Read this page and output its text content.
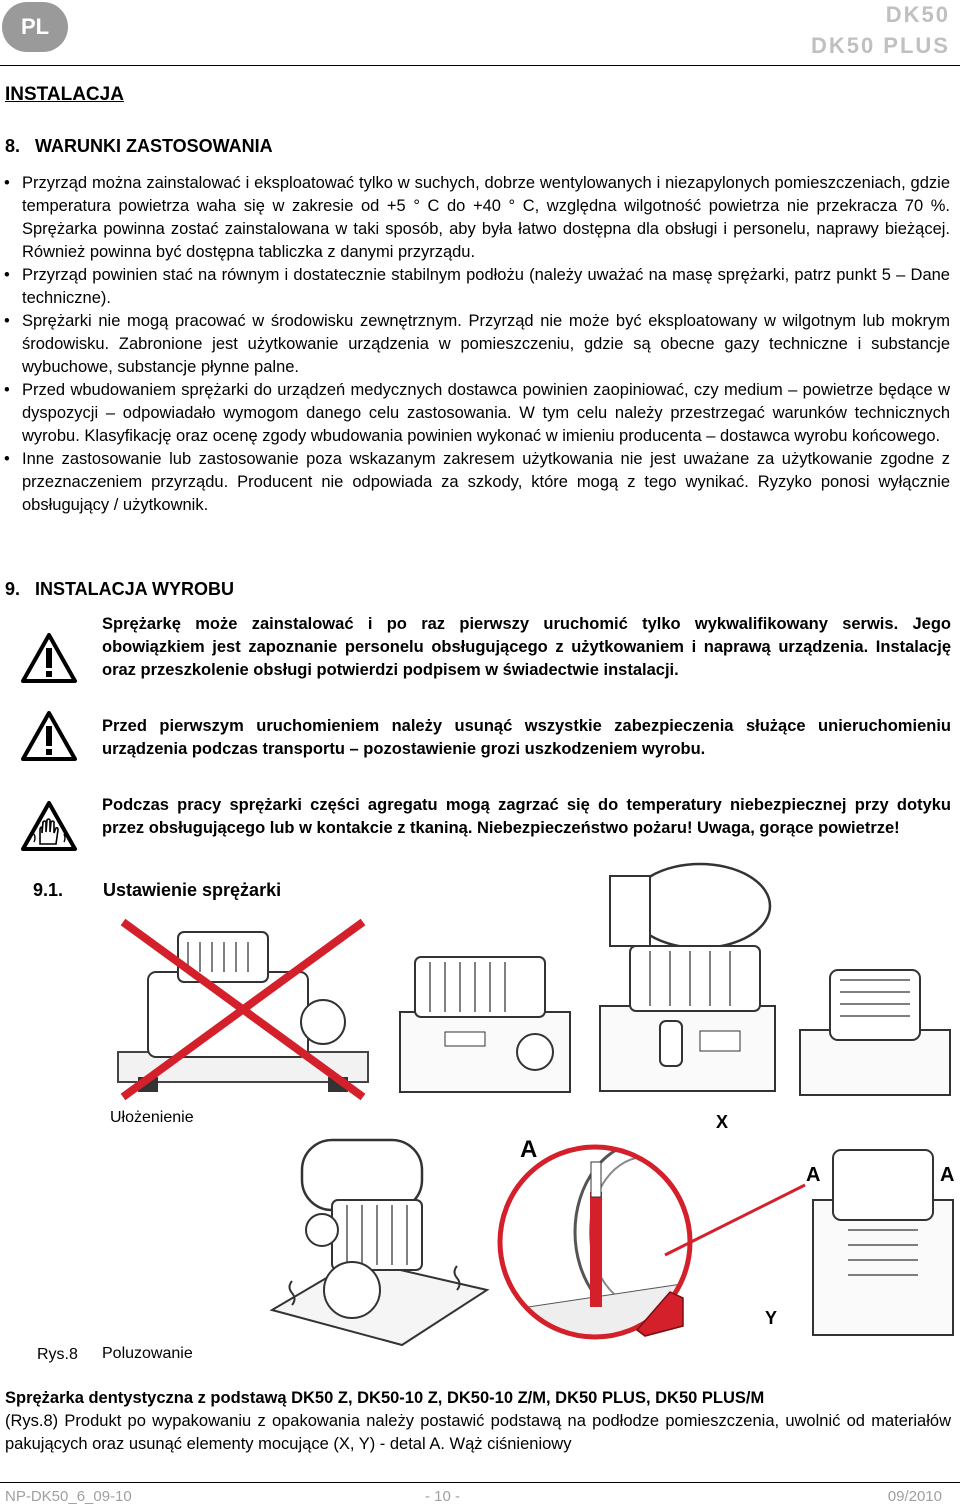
PL	DK50
DK50 PLUS
INSTALACJA
8.   WARUNKI ZASTOSOWANIA
• Przyrząd można zainstalować i eksploatować tylko w suchych, dobrze wentylowanych i niezapylonych pomieszczeniach, gdzie temperatura powietrza waha się w zakresie od +5 ° C do +40 ° C, względna wilgotność powietrza nie przekracza 70 %. Sprężarka powinna zostać zainstalowana w taki sposób, aby była łatwo dostępna dla obsługi i personelu, naprawy bieżącej. Również powinna być dostępna tabliczka z danymi przyrządu.
• Przyrząd powinien stać na równym i dostatecznie stabilnym podłożu (należy uważać na masę sprężarki, patrz punkt 5 – Dane techniczne).
• Sprężarki nie mogą pracować w środowisku zewnętrznym. Przyrząd nie może być eksploatowany w wilgotnym lub mokrym środowisku. Zabronione jest użytkowanie urządzenia w pomieszczeniu, gdzie są obecne gazy techniczne i substancje wybuchowe, substancje płynne palne.
• Przed wbudowaniem sprężarki do urządzeń medycznych dostawca powinien zaopiniować, czy medium – powietrze będące w dyspozycji – odpowiadało wymogom danego celu zastosowania. W tym celu należy przestrzegać warunków technicznych wyrobu. Klasyfikację oraz ocenę zgody wbudowania powinien wykonać w imieniu producenta – dostawca wyrobu końcowego.
• Inne zastosowanie lub zastosowanie poza wskazanym zakresem użytkowania nie jest uważane za użytkowanie zgodne z przeznaczeniem przyrządu. Producent nie odpowiada za szkody, które mogą z tego wynikać. Ryzyko ponosi wyłącznie obsługujący / użytkownik.
9.   INSTALACJA WYROBU
Sprężarkę może zainstalować i po raz pierwszy uruchomić tylko wykwalifikowany serwis. Jego obowiązkiem jest zapoznanie personelu obsługującego z użytkowaniem i naprawą urządzenia. Instalację oraz przeszkolenie obsługi potwierdzi podpisem w świadectwie instalacji.
Przed pierwszym uruchomieniem należy usunąć wszystkie zabezpieczenia służące unieruchomieniu urządzenia podczas transportu – pozostawienie grozi uszkodzeniem wyrobu.
Podczas pracy sprężarki części agregatu mogą zagrzać się do temperatury niebezpiecznej przy dotyku przez obsługującego lub w kontakcie z tkaniną. Niebezpieczeństwo pożaru! Uwaga, gorące powietrze!
9.1. Ustawienie sprężarki
Ułożenienie	X
A
A	A
Y
Rys.8 Poluzowanie
Sprężarka dentystyczna z podstawą DK50 Z, DK50-10 Z, DK50-10 Z/M, DK50 PLUS, DK50 PLUS/M
(Rys.8) Produkt po wypakowaniu z opakowania należy postawić podstawą na podłodze pomieszczenia, uwolnić od materiałów pakujących oraz usunąć elementy mocujące (X, Y) - detal A. Wąż ciśnieniowy
NP-DK50_6_09-10	- 10 -	09/2010
